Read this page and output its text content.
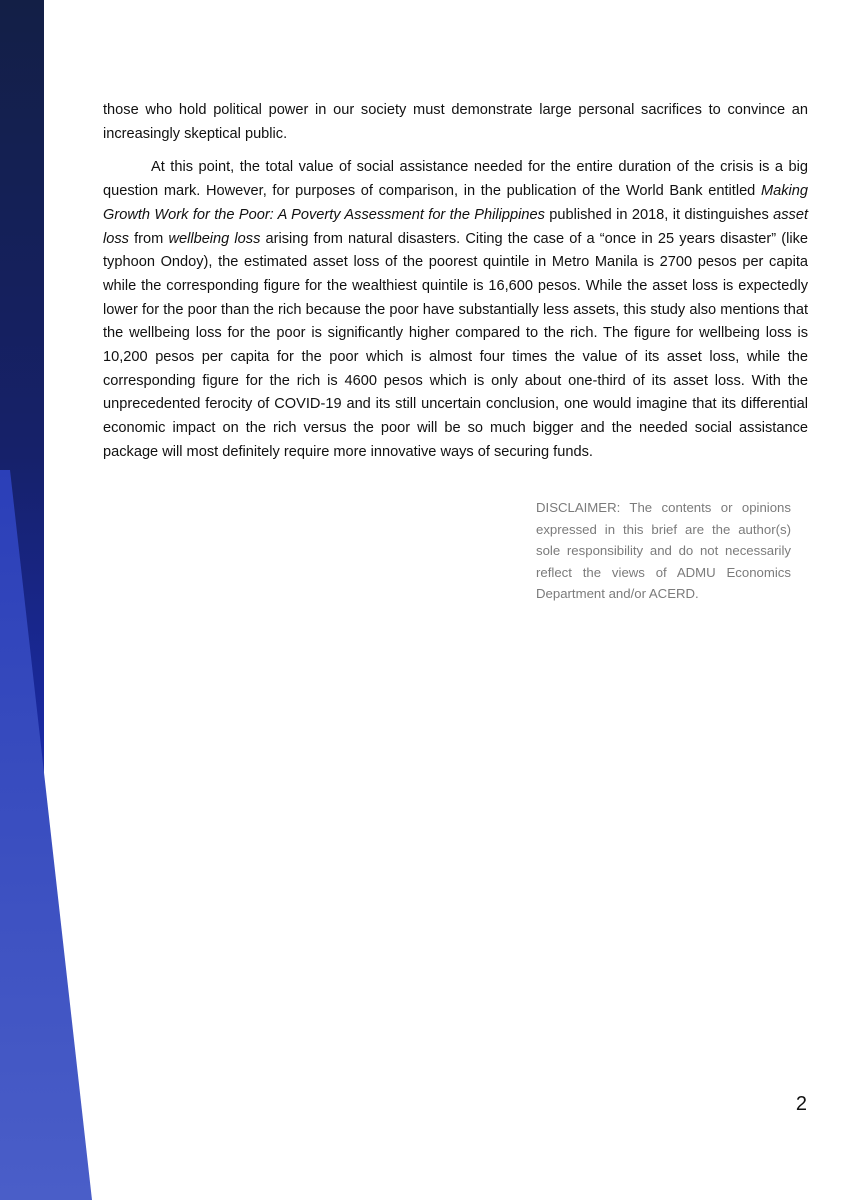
those who hold political power in our society must demonstrate large personal sacrifices to convince an increasingly skeptical public.

At this point, the total value of social assistance needed for the entire duration of the crisis is a big question mark. However, for purposes of comparison, in the publication of the World Bank entitled Making Growth Work for the Poor: A Poverty Assessment for the Philippines published in 2018, it distinguishes asset loss from wellbeing loss arising from natural disasters. Citing the case of a “once in 25 years disaster” (like typhoon Ondoy), the estimated asset loss of the poorest quintile in Metro Manila is 2700 pesos per capita while the corresponding figure for the wealthiest quintile is 16,600 pesos. While the asset loss is expectedly lower for the poor than the rich because the poor have substantially less assets, this study also mentions that the wellbeing loss for the poor is significantly higher compared to the rich. The figure for wellbeing loss is 10,200 pesos per capita for the poor which is almost four times the value of its asset loss, while the corresponding figure for the rich is 4600 pesos which is only about one-third of its asset loss. With the unprecedented ferocity of COVID-19 and its still uncertain conclusion, one would imagine that its differential economic impact on the rich versus the poor will be so much bigger and the needed social assistance package will most definitely require more innovative ways of securing funds.

DISCLAIMER: The contents or opinions expressed in this brief are the author(s) sole responsibility and do not necessarily reflect the views of ADMU Economics Department and/or ACERD.

2
